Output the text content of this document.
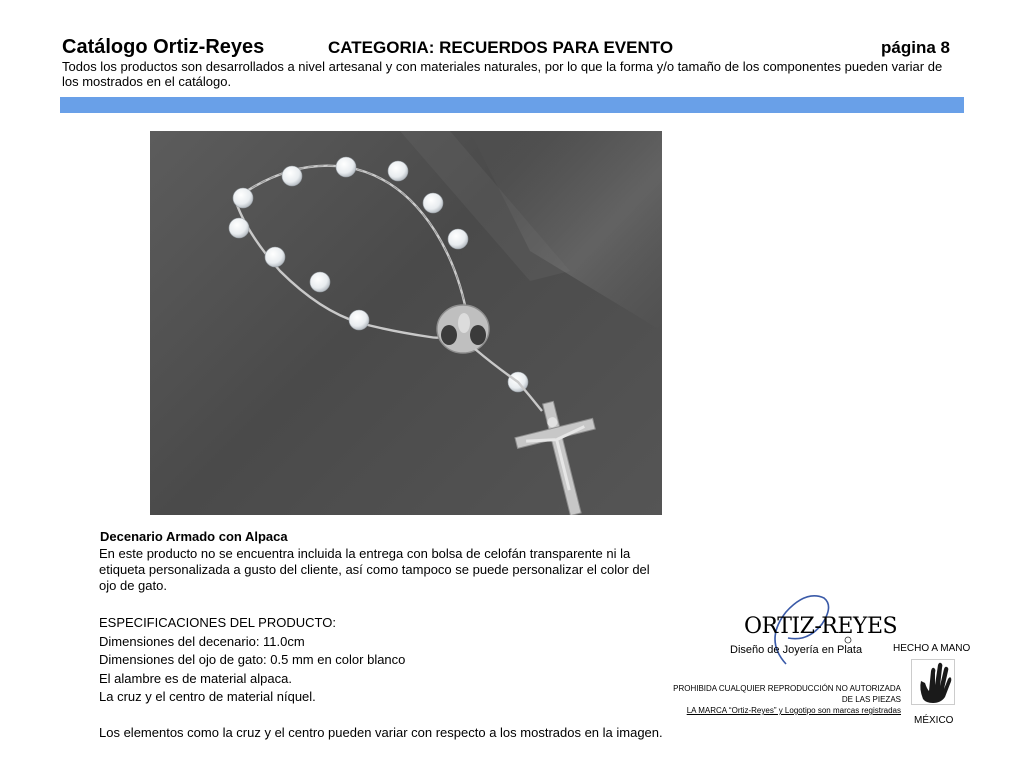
Catálogo Ortiz-Reyes	CATEGORIA: RECUERDOS PARA EVENTO	página 8
Todos los productos son desarrollados a nivel artesanal y con materiales naturales, por lo que la forma y/o tamaño de los componentes pueden variar de los mostrados en el catálogo.
Decenario Armado con Alpaca
En este producto no se encuentra incluida la entrega con bolsa de celofán transparente ni la etiqueta personalizada a gusto del cliente, así como tampoco se puede personalizar el color del ojo de gato.
ESPECIFICACIONES DEL PRODUCTO:
Dimensiones del decenario: 11.0cm
Dimensiones del ojo de gato: 0.5 mm en color blanco
El alambre es de material alpaca.
La cruz y el centro de material níquel.
Los elementos como la cruz y el centro pueden variar con respecto a los mostrados en la imagen.
ORTIZ-REYES
Diseño de Joyería en Plata	HECHO A MANO
MÉXICO
PROHIBIDA CUALQUIER REPRODUCCIÓN NO AUTORIZADA
DE LAS PIEZAS
LA MARCA “Ortiz-Reyes” y Logotipo son marcas registradas
